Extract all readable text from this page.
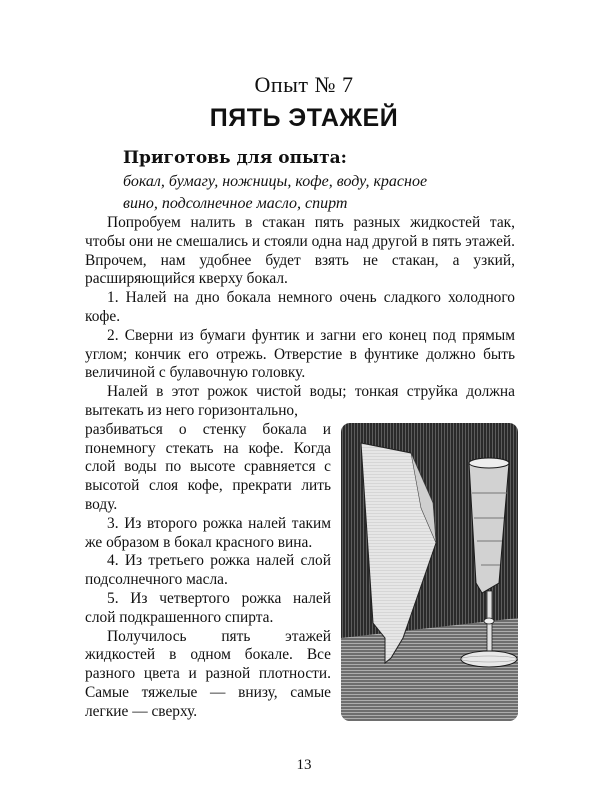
Опыт № 7
ПЯТЬ ЭТАЖЕЙ
Приготовь для опыта:
бокал, бумагу, ножницы, кофе, воду, красное
вино, подсолнечное масло, спирт

Попробуем налить в стакан пять разных жидкостей так, чтобы они не смешались и стояли одна над другой в пять этажей. Впрочем, нам удобнее будет взять не стакан, а узкий, расширяющийся кверху бокал.

1. Налей на дно бокала немного очень сладкого холодного кофе.

2. Сверни из бумаги фунтик и загни его конец под прямым углом; кончик его отрежь. Отверстие в фунтике должно быть величиной с булавочную головку.

Налей в этот рожок чистой воды; тонкая струйка должна вытекать из него горизонтально,

разбиваться о стенку бокала и понемногу стекать на кофе. Когда слой воды по высоте сравняется с высотой слоя кофе, прекрати лить воду.

3. Из второго рожка налей таким же образом в бокал красного вина.

4. Из третьего рожка налей слой подсолнечного масла.

5. Из четвертого рожка налей слой подкрашенного спирта.

Получилось пять этажей жидкостей в одном бокале. Все разного цвета и разной плотности. Самые тяжелые — внизу, самые легкие — сверху.

13
